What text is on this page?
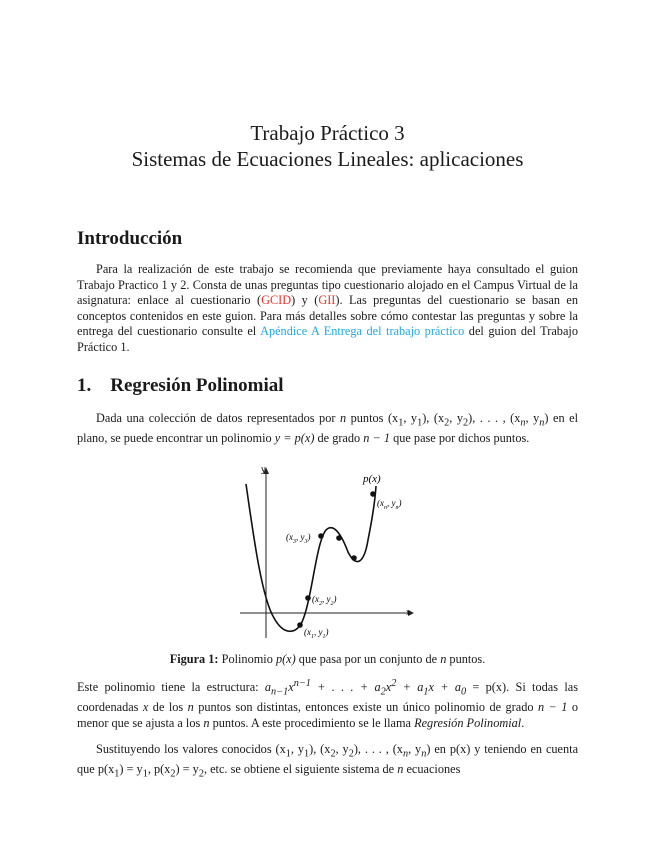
Trabajo Práctico 3
Sistemas de Ecuaciones Lineales: aplicaciones
Introducción
Para la realización de este trabajo se recomienda que previamente haya consultado el guion Trabajo Practico 1 y 2. Consta de unas preguntas tipo cuestionario alojado en el Campus Virtual de la asignatura: enlace al cuestionario (GCID) y (GII). Las preguntas del cuestionario se basan en conceptos contenidos en este guion. Para más detalles sobre cómo contestar las preguntas y sobre la entrega del cuestionario consulte el Apéndice A Entrega del trabajo práctico del guion del Trabajo Práctico 1.
1. Regresión Polinomial
Dada una colección de datos representados por n puntos ($x_1$, $y_1$), ($x_2$, $y_2$), . . . , ($x_n$, $y_n$) en el plano, se puede encontrar un polinomio y = p(x) de grado n − 1 que pase por dichos puntos.
x
y
p(x)
($x_n$, $y_n$)
($x_3$, $y_3$)
($x_2$, $y_2$)
($x_1$, $y_1$)
Figura 1: Polinomio p(x) que pasa por un conjunto de n puntos.
Este polinomio tiene la estructura: $a_{n-1}x^{n-1}$ + . . . + $a_2x^2 + a_1x + a_0 = p(x)$. Si todas las coordenadas x de los n puntos son distintas, entonces existe un único polinomio de grado n − 1 o menor que se ajusta a los n puntos. A este procedimiento se le llama Regresión Polinomial.
Sustituyendo los valores conocidos ($x_1$, $y_1$), ($x_2$, $y_2$), . . . , ($x_n$, $y_n$) en p(x) y teniendo en cuenta que $p(x_1) = y_1$, $p(x_2) = y_2$, etc. se obtiene el siguiente sistema de n ecuaciones
